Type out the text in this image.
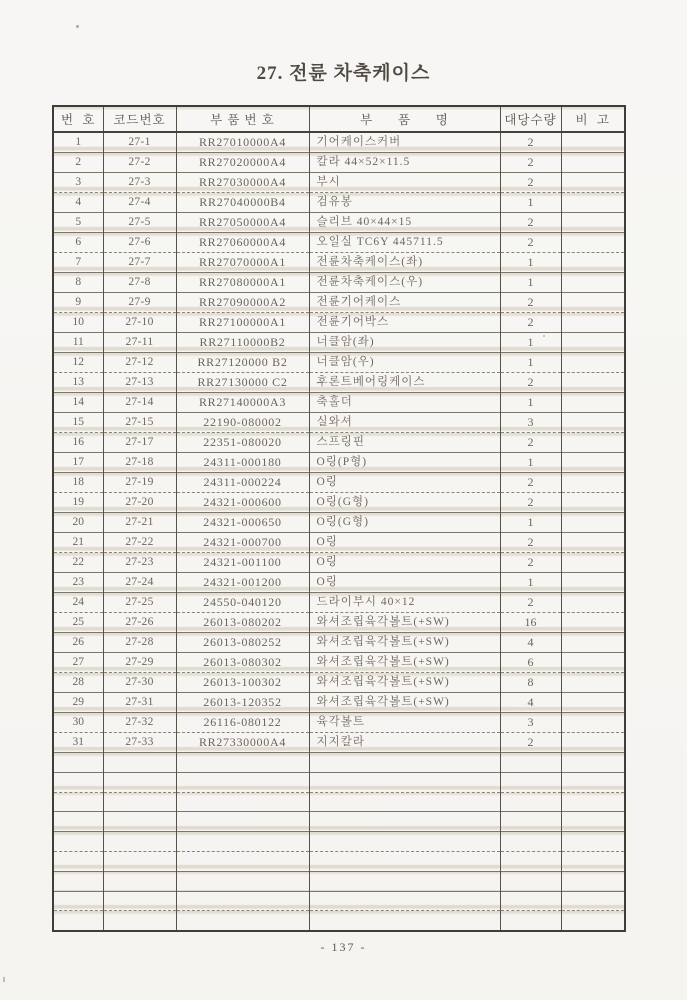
27. 전륜 차축케이스
번  호	코드번호	부 품 번 호	부      품      명	대당수량	비  고
1	27-1	RR27010000A4	기어케이스커버	2	
2	27-2	RR27020000A4	칼라 44×52×11.5	2	
3	27-3	RR27030000A4	부시	2	
4	27-4	RR27040000B4	검유봉	1	
5	27-5	RR27050000A4	슬리브 40×44×15	2	
6	27-6	RR27060000A4	오일실 TC6Y 445711.5	2	
7	27-7	RR27070000A1	전륜차축케이스(좌)	1	
8	27-8	RR27080000A1	전륜차축케이스(우)	1	
9	27-9	RR27090000A2	전륜기어케이스	2	
10	27-10	RR27100000A1	전륜기어박스	2	
11	27-11	RR27110000B2	너클암(좌)	1	
12	27-12	RR27120000 B2	너클암(우)	1	
13	27-13	RR27130000 C2	후론트베어링케이스	2	
14	27-14	RR27140000A3	축홀더	1	
15	27-15	22190-080002	실와셔	3	
16	27-17	22351-080020	스프링핀	2	
17	27-18	24311-000180	O링(P형)	1	
18	27-19	24311-000224	O링	2	
19	27-20	24321-000600	O링(G형)	2	
20	27-21	24321-000650	O링(G형)	1	
21	27-22	24321-000700	O링	2	
22	27-23	24321-001100	O링	2	
23	27-24	24321-001200	O링	1	
24	27-25	24550-040120	드라이부시 40×12	2	
25	27-26	26013-080202	와셔조립육각볼트(+SW)	16	
26	27-28	26013-080252	와셔조립육각볼트(+SW)	4	
27	27-29	26013-080302	와셔조립육각볼트(+SW)	6	
28	27-30	26013-100302	와셔조립육각볼트(+SW)	8	
29	27-31	26013-120352	와셔조립육각볼트(+SW)	4	
30	27-32	26116-080122	육각볼트	3	
31	27-33	RR27330000A4	지지칼라	2	

- 137 -
